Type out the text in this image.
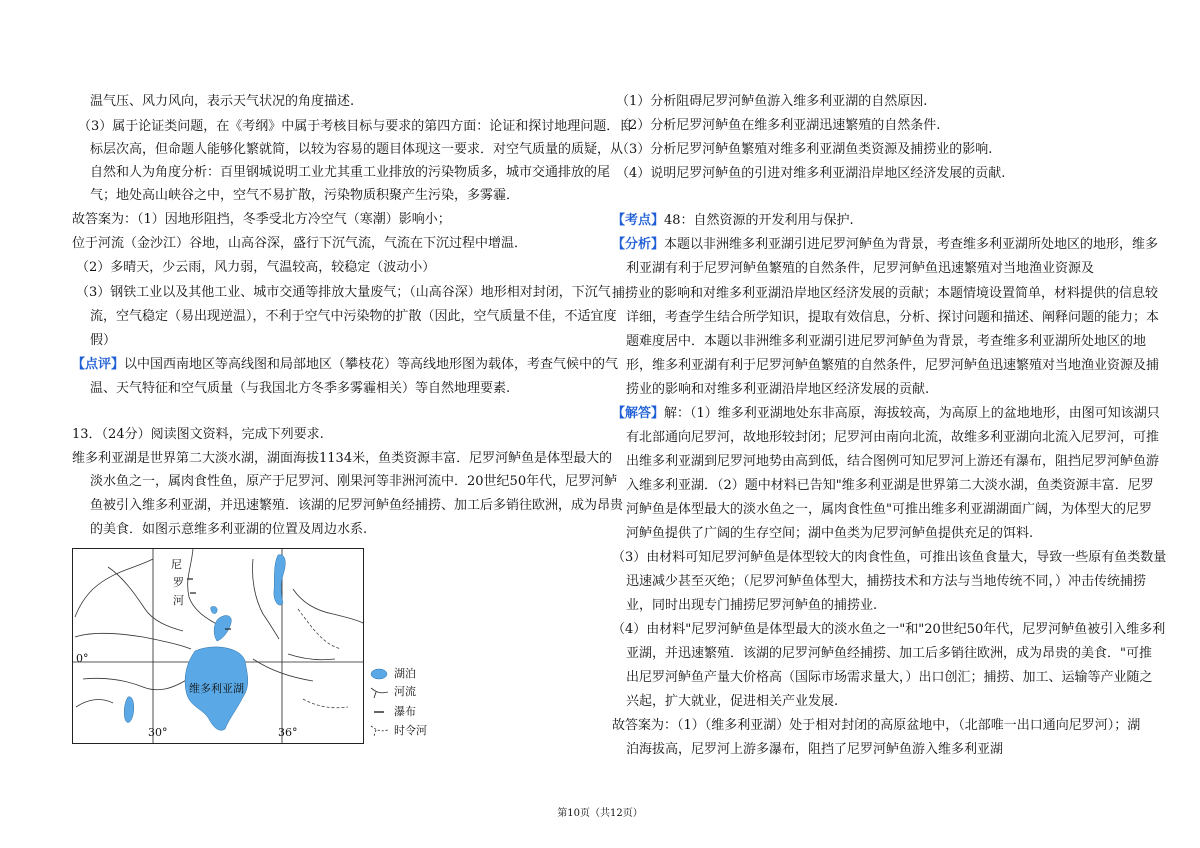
温气压、风力风向，表示天气状况的角度描述.
（3）属于论证类问题，在《考纲》中属于考核目标与要求的第四方面：论证和探讨地理问题．目
标层次高，但命题人能够化繁就简，以较为容易的题目体现这一要求．对空气质量的质疑，从
自然和人为角度分析：百里钢城说明工业尤其重工业排放的污染物质多，城市交通排放的尾
气；地处高山峡谷之中，空气不易扩散，污染物质积聚产生污染，多雾霾．
故答案为：（1）因地形阻挡，冬季受北方冷空气（寒潮）影响小；
位于河流（金沙江）谷地，山高谷深，盛行下沉气流，气流在下沉过程中增温．
（2）多晴天，少云雨，风力弱，气温较高，较稳定（波动小）
（3）钢铁工业以及其他工业、城市交通等排放大量废气；（山高谷深）地形相对封闭，下沉气
流，空气稳定（易出现逆温），不利于空气中污染物的扩散（因此，空气质量不佳，不适宜度
假）
【点评】以中国西南地区等高线图和局部地区（攀枝花）等高线地形图为载体，考查气候中的气
温、天气特征和空气质量（与我国北方冬季多雾霾相关）等自然地理要素.
13．（24分）阅读图文资料，完成下列要求.
维多利亚湖是世界第二大淡水湖，湖面海拔1134米，鱼类资源丰富．尼罗河鲈鱼是体型最大的
淡水鱼之一，属肉食性鱼，原产于尼罗河、刚果河等非洲河流中．20世纪50年代，尼罗河鲈
鱼被引入维多利亚湖，并迅速繁殖．该湖的尼罗河鲈鱼经捕捞、加工后多销往欧洲，成为昂贵
的美食．如图示意维多利亚湖的位置及周边水系.
尼
罗
河
维多利亚湖
0°
30°	36°
湖泊
河流
瀑布
时令河
（1）分析阻碍尼罗河鲈鱼游入维多利亚湖的自然原因.
（2）分析尼罗河鲈鱼在维多利亚湖迅速繁殖的自然条件.
（3）分析尼罗河鲈鱼繁殖对维多利亚湖鱼类资源及捕捞业的影响.
（4）说明尼罗河鲈鱼的引进对维多利亚湖沿岸地区经济发展的贡献.
【考点】48：自然资源的开发利用与保护.
【分析】本题以非洲维多利亚湖引进尼罗河鲈鱼为背景，考查维多利亚湖所处地区的地形，维多
利亚湖有利于尼罗河鲈鱼繁殖的自然条件，尼罗河鲈鱼迅速繁殖对当地渔业资源及
捕捞业的影响和对维多利亚湖沿岸地区经济发展的贡献；本题情境设置简单，材料提供的信息较
详细，考查学生结合所学知识，提取有效信息，分析、探讨问题和描述、阐释问题的能力；本
题难度居中．本题以非洲维多利亚湖引进尼罗河鲈鱼为背景，考查维多利亚湖所处地区的地
形，维多利亚湖有利于尼罗河鲈鱼繁殖的自然条件，尼罗河鲈鱼迅速繁殖对当地渔业资源及捕
捞业的影响和对维多利亚湖沿岸地区经济发展的贡献.
【解答】解：（1）维多利亚湖地处东非高原，海拔较高，为高原上的盆地地形，由图可知该湖只
有北部通向尼罗河，故地形较封闭；尼罗河由南向北流，故维多利亚湖向北流入尼罗河，可推
出维多利亚湖到尼罗河地势由高到低，结合图例可知尼罗河上游还有瀑布，阻挡尼罗河鲈鱼游
入维多利亚湖．（2）题中材料已告知"维多利亚湖是世界第二大淡水湖，鱼类资源丰富．尼罗
河鲈鱼是体型最大的淡水鱼之一，属肉食性鱼"可推出维多利亚湖湖面广阔，为体型大的尼罗
河鲈鱼提供了广阔的生存空间；湖中鱼类为尼罗河鲈鱼提供充足的饵料.
（3）由材料可知尼罗河鲈鱼是体型较大的肉食性鱼，可推出该鱼食量大，导致一些原有鱼类数量
迅速减少甚至灭绝；（尼罗河鲈鱼体型大，捕捞技术和方法与当地传统不同，）冲击传统捕捞
业，同时出现专门捕捞尼罗河鲈鱼的捕捞业.
（4）由材料"尼罗河鲈鱼是体型最大的淡水鱼之一"和"20世纪50年代，尼罗河鲈鱼被引入维多利
亚湖，并迅速繁殖．该湖的尼罗河鲈鱼经捕捞、加工后多销往欧洲，成为昂贵的美食．"可推
出尼罗河鲈鱼产量大价格高（国际市场需求量大，）出口创汇；捕捞、加工、运输等产业随之
兴起，扩大就业，促进相关产业发展.
故答案为：（1）（维多利亚湖）处于相对封闭的高原盆地中，（北部唯一出口通向尼罗河）；湖
泊海拔高，尼罗河上游多瀑布，阻挡了尼罗河鲈鱼游入维多利亚湖
第10页（共12页）
